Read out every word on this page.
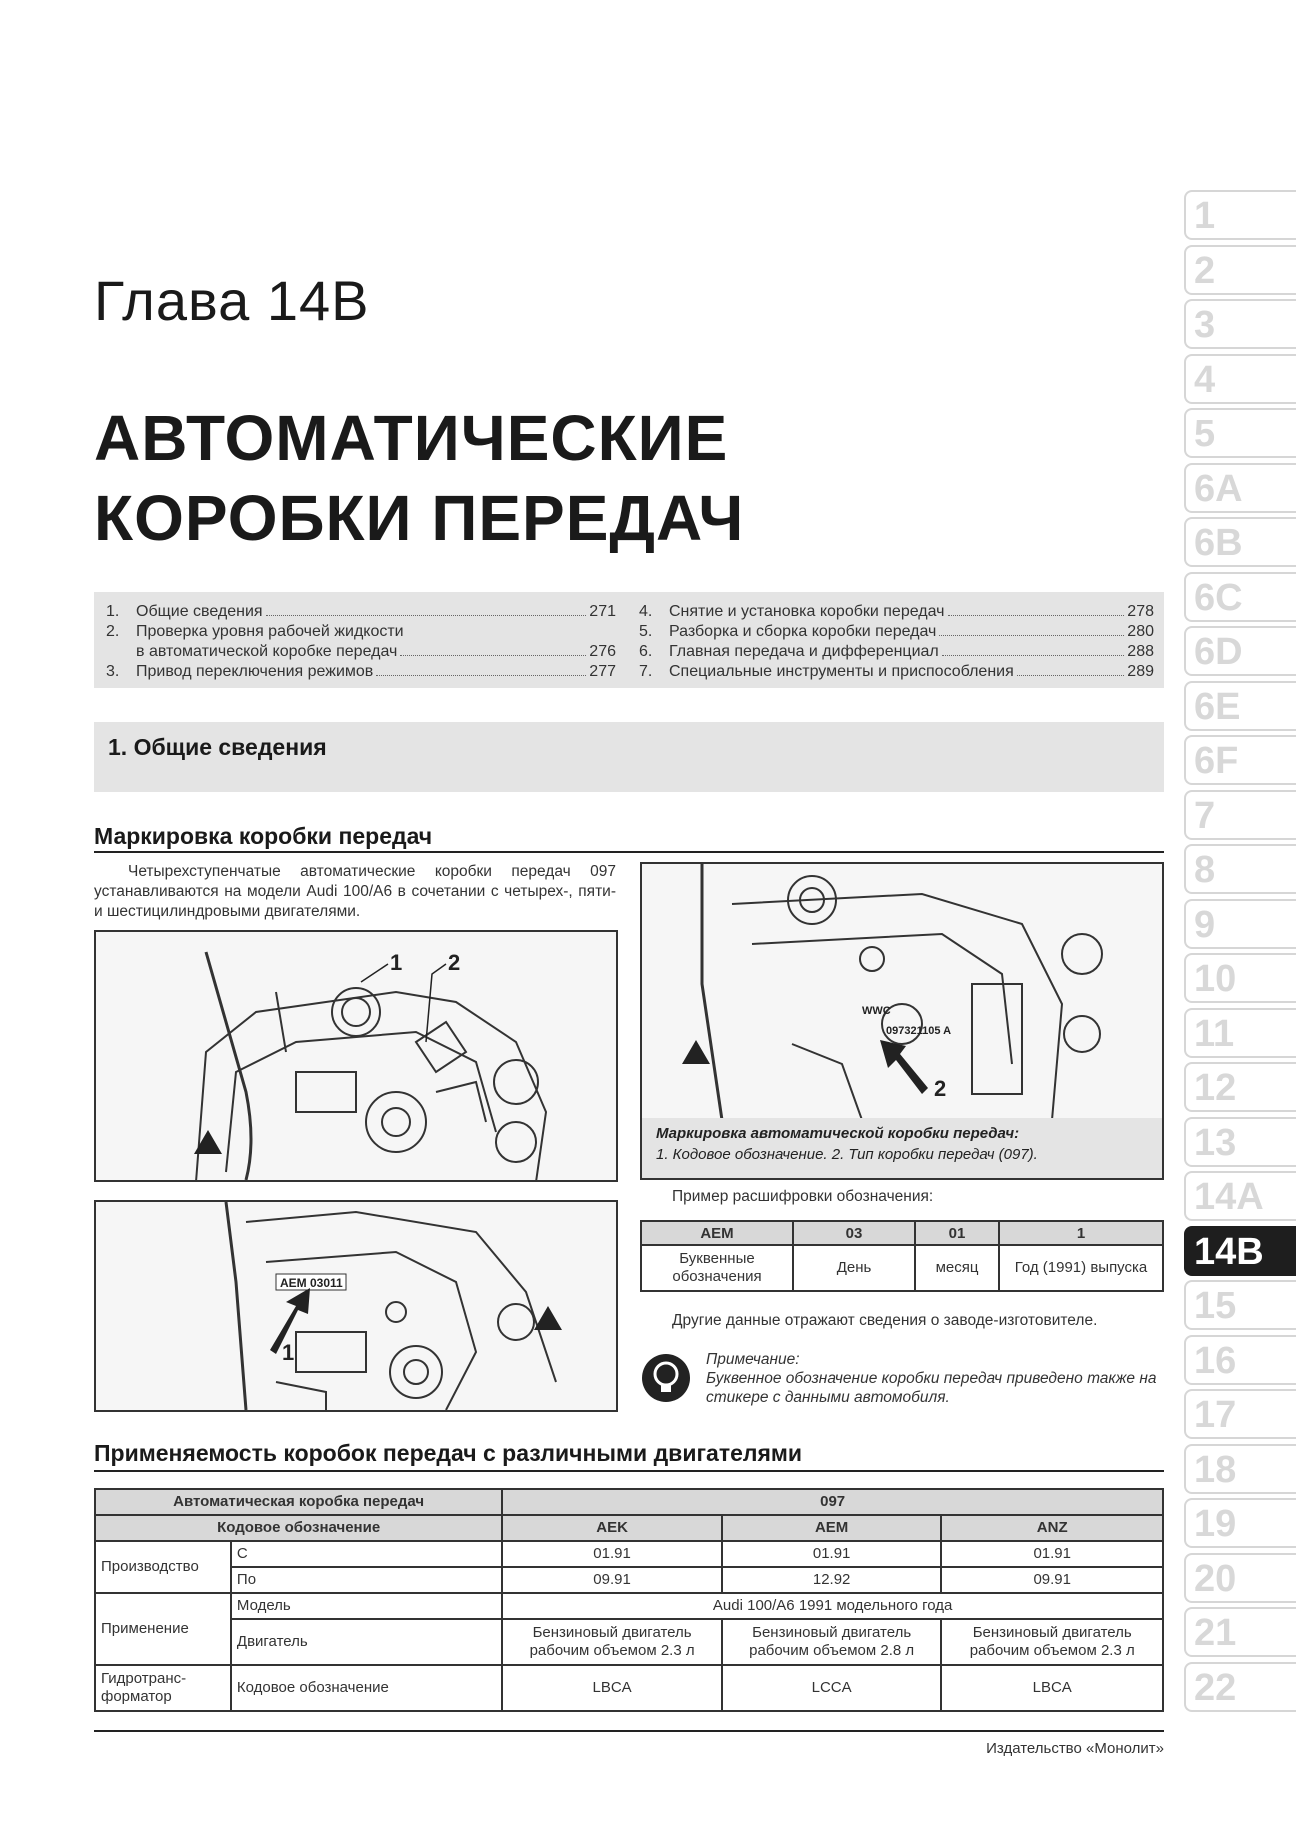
Глава 14В
АВТОМАТИЧЕСКИЕ
КОРОБКИ ПЕРЕДАЧ
1.	Общие сведения	271
2.	Проверка уровня рабочей жидкости
в автоматической коробке передач	276
3.	Привод переключения режимов	277
4.	Снятие и установка коробки передач	278
5.	Разборка и сборка коробки передач	280
6.	Главная передача и дифференциал	288
7.	Специальные инструменты и приспособления	289
1. Общие сведения
Маркировка коробки передач
Четырехступенчатые автоматические коробки передач 097 устанавливаются на модели Audi 100/А6 в сочетании с четырех-, пяти- и шестицилиндровыми двигателями.
1 2
AEM 03011
1
WWC
097321105 A
2
Маркировка автоматической коробки передач:
1. Кодовое обозначение. 2. Тип коробки передач (097).
Пример расшифровки обозначения:
AEM	03	01	1
Буквенные обозначения	День	месяц	Год (1991) выпуска
Другие данные отражают сведения о заводе-изготовителе.
Примечание:
Буквенное обозначение коробки передач приведено также на стикере с данными автомобиля.
Применяемость коробок передач с различными двигателями
Автоматическая коробка передач		097		
Кодовое обозначение		AEK	AEM	ANZ
Производство	С	01.91	01.91	01.91
	По	09.91	12.92	09.91
Применение	Модель	Audi 100/A6 1991 модельного года		
	Двигатель	Бензиновый двигатель рабочим объемом 2.3 л	Бензиновый двигатель рабочим объемом 2.8 л	Бензиновый двигатель рабочим объемом 2.3 л
Гидротранс- форматор	Кодовое обозначение	LBCA	LCCA	LBCA
Издательство «Монолит»
1
2
3
4
5
6A
6B
6C
6D
6E
6F
7
8
9
10
11
12
13
14A
14B
15
16
17
18
19
20
21
22
